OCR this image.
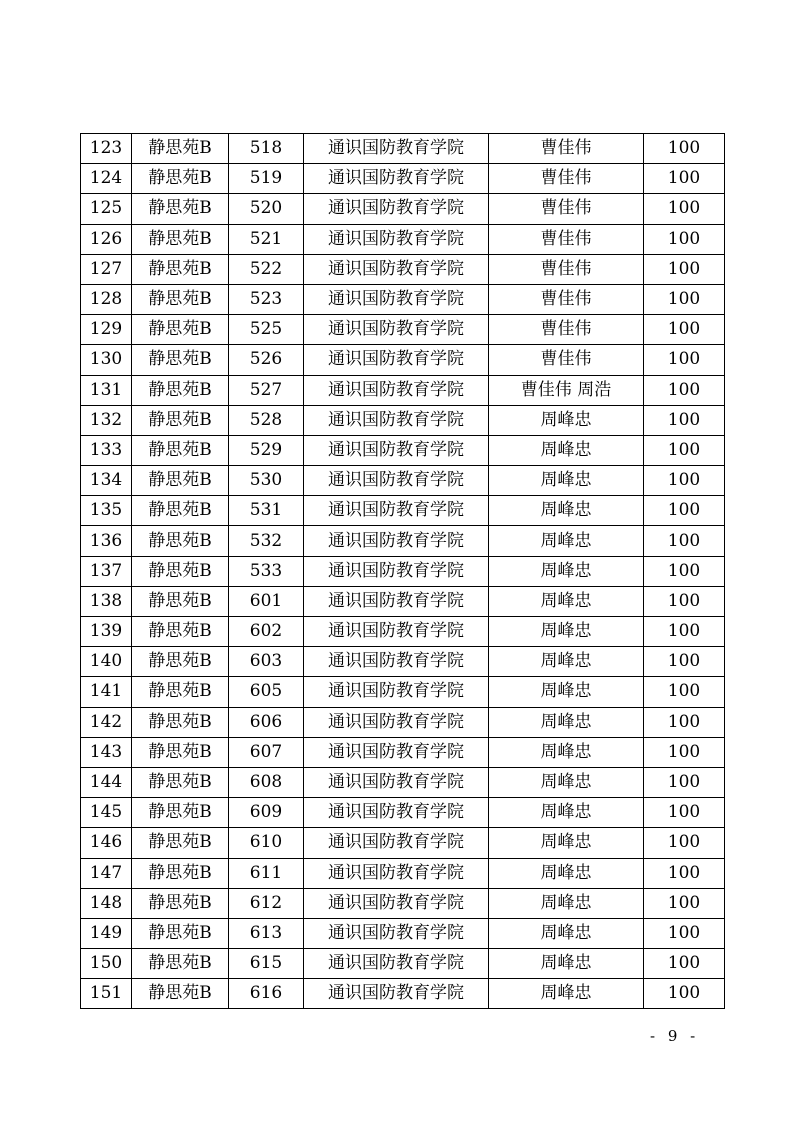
123	静思苑B	518	通识国防教育学院	曹佳伟	100
124	静思苑B	519	通识国防教育学院	曹佳伟	100
125	静思苑B	520	通识国防教育学院	曹佳伟	100
126	静思苑B	521	通识国防教育学院	曹佳伟	100
127	静思苑B	522	通识国防教育学院	曹佳伟	100
128	静思苑B	523	通识国防教育学院	曹佳伟	100
129	静思苑B	525	通识国防教育学院	曹佳伟	100
130	静思苑B	526	通识国防教育学院	曹佳伟	100
131	静思苑B	527	通识国防教育学院	曹佳伟 周浩	100
132	静思苑B	528	通识国防教育学院	周峰忠	100
133	静思苑B	529	通识国防教育学院	周峰忠	100
134	静思苑B	530	通识国防教育学院	周峰忠	100
135	静思苑B	531	通识国防教育学院	周峰忠	100
136	静思苑B	532	通识国防教育学院	周峰忠	100
137	静思苑B	533	通识国防教育学院	周峰忠	100
138	静思苑B	601	通识国防教育学院	周峰忠	100
139	静思苑B	602	通识国防教育学院	周峰忠	100
140	静思苑B	603	通识国防教育学院	周峰忠	100
141	静思苑B	605	通识国防教育学院	周峰忠	100
142	静思苑B	606	通识国防教育学院	周峰忠	100
143	静思苑B	607	通识国防教育学院	周峰忠	100
144	静思苑B	608	通识国防教育学院	周峰忠	100
145	静思苑B	609	通识国防教育学院	周峰忠	100
146	静思苑B	610	通识国防教育学院	周峰忠	100
147	静思苑B	611	通识国防教育学院	周峰忠	100
148	静思苑B	612	通识国防教育学院	周峰忠	100
149	静思苑B	613	通识国防教育学院	周峰忠	100
150	静思苑B	615	通识国防教育学院	周峰忠	100
151	静思苑B	616	通识国防教育学院	周峰忠	100
- 9 -
